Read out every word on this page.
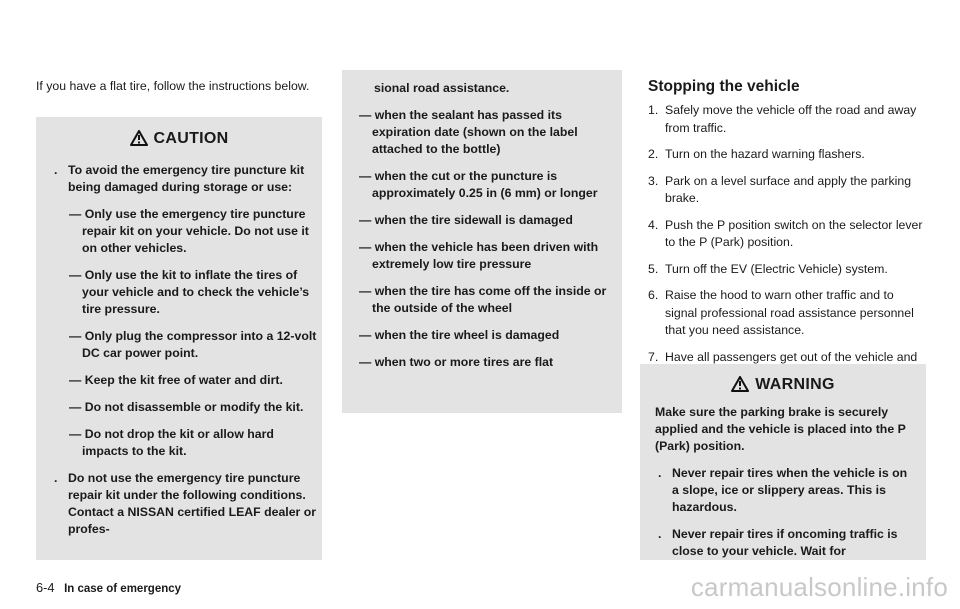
If you have a flat tire, follow the instructions below.
CAUTION
. To avoid the emergency tire puncture kit being damaged during storage or use:
— Only use the emergency tire puncture repair kit on your vehicle. Do not use it on other vehicles.
— Only use the kit to inflate the tires of your vehicle and to check the vehicle’s tire pressure.
— Only plug the compressor into a 12-volt DC car power point.
— Keep the kit free of water and dirt.
— Do not disassemble or modify the kit.
— Do not drop the kit or allow hard impacts to the kit.
. Do not use the emergency tire puncture repair kit under the following conditions. Contact a NISSAN certified LEAF dealer or profes-
sional road assistance.
— when the sealant has passed its expiration date (shown on the label attached to the bottle)
— when the cut or the puncture is approximately 0.25 in (6 mm) or longer
— when the tire sidewall is damaged
— when the vehicle has been driven with extremely low tire pressure
— when the tire has come off the inside or the outside of the wheel
— when the tire wheel is damaged
— when two or more tires are flat
Stopping the vehicle
1. Safely move the vehicle off the road and away from traffic.
2. Turn on the hazard warning flashers.
3. Park on a level surface and apply the parking brake.
4. Push the P position switch on the selector lever to the P (Park) position.
5. Turn off the EV (Electric Vehicle) system.
6. Raise the hood to warn other traffic and to signal professional road assistance personnel that you need assistance.
7. Have all passengers get out of the vehicle and
WARNING
Make sure the parking brake is securely applied and the vehicle is placed into the P (Park) position.
. Never repair tires when the vehicle is on a slope, ice or slippery areas. This is hazardous.
. Never repair tires if oncoming traffic is close to your vehicle. Wait for
6-4 In case of emergency	carmanualsonline.info
